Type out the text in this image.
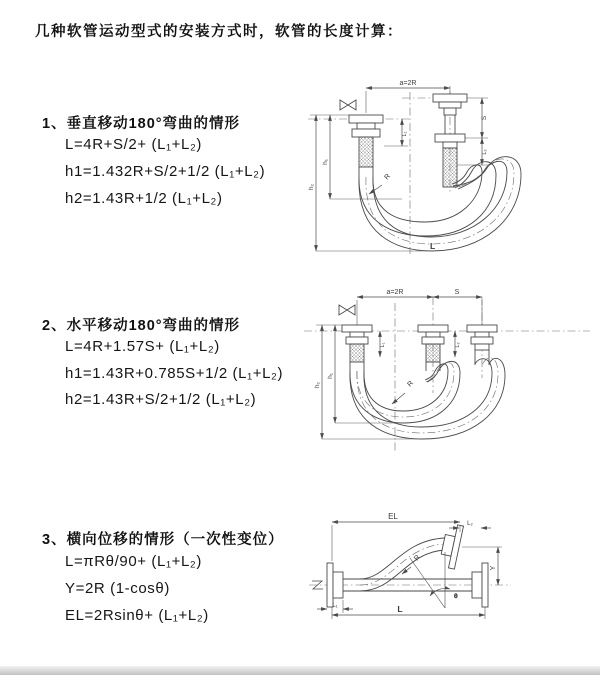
几种软管运动型式的安装方式时，软管的长度计算：
1、垂直移动180°弯曲的情形
L=4R+S/2+ (L₁+L₂)
h1=1.432R+S/2+1/2 (L₁+L₂)
h2=1.43R+1/2 (L₁+L₂)
2、水平移动180°弯曲的情形
L=4R+1.57S+ (L₁+L₂)
h1=1.43R+0.785S+1/2 (L₁+L₂)
h2=1.43R+S/2+1/2 (L₁+L₂)
3、横向位移的情形（一次性变位）
L=πRθ/90+ (L₁+L₂)
Y=2R (1-cosθ)
EL=2Rsinθ+ (L₁+L₂)
a=2R
h₂
h₁
L₁
S
L₂
R
L
a=2R	S
h₂
h₁
L₁	L₂
R
EL
L₂
Y
θ
R
L
L₁
